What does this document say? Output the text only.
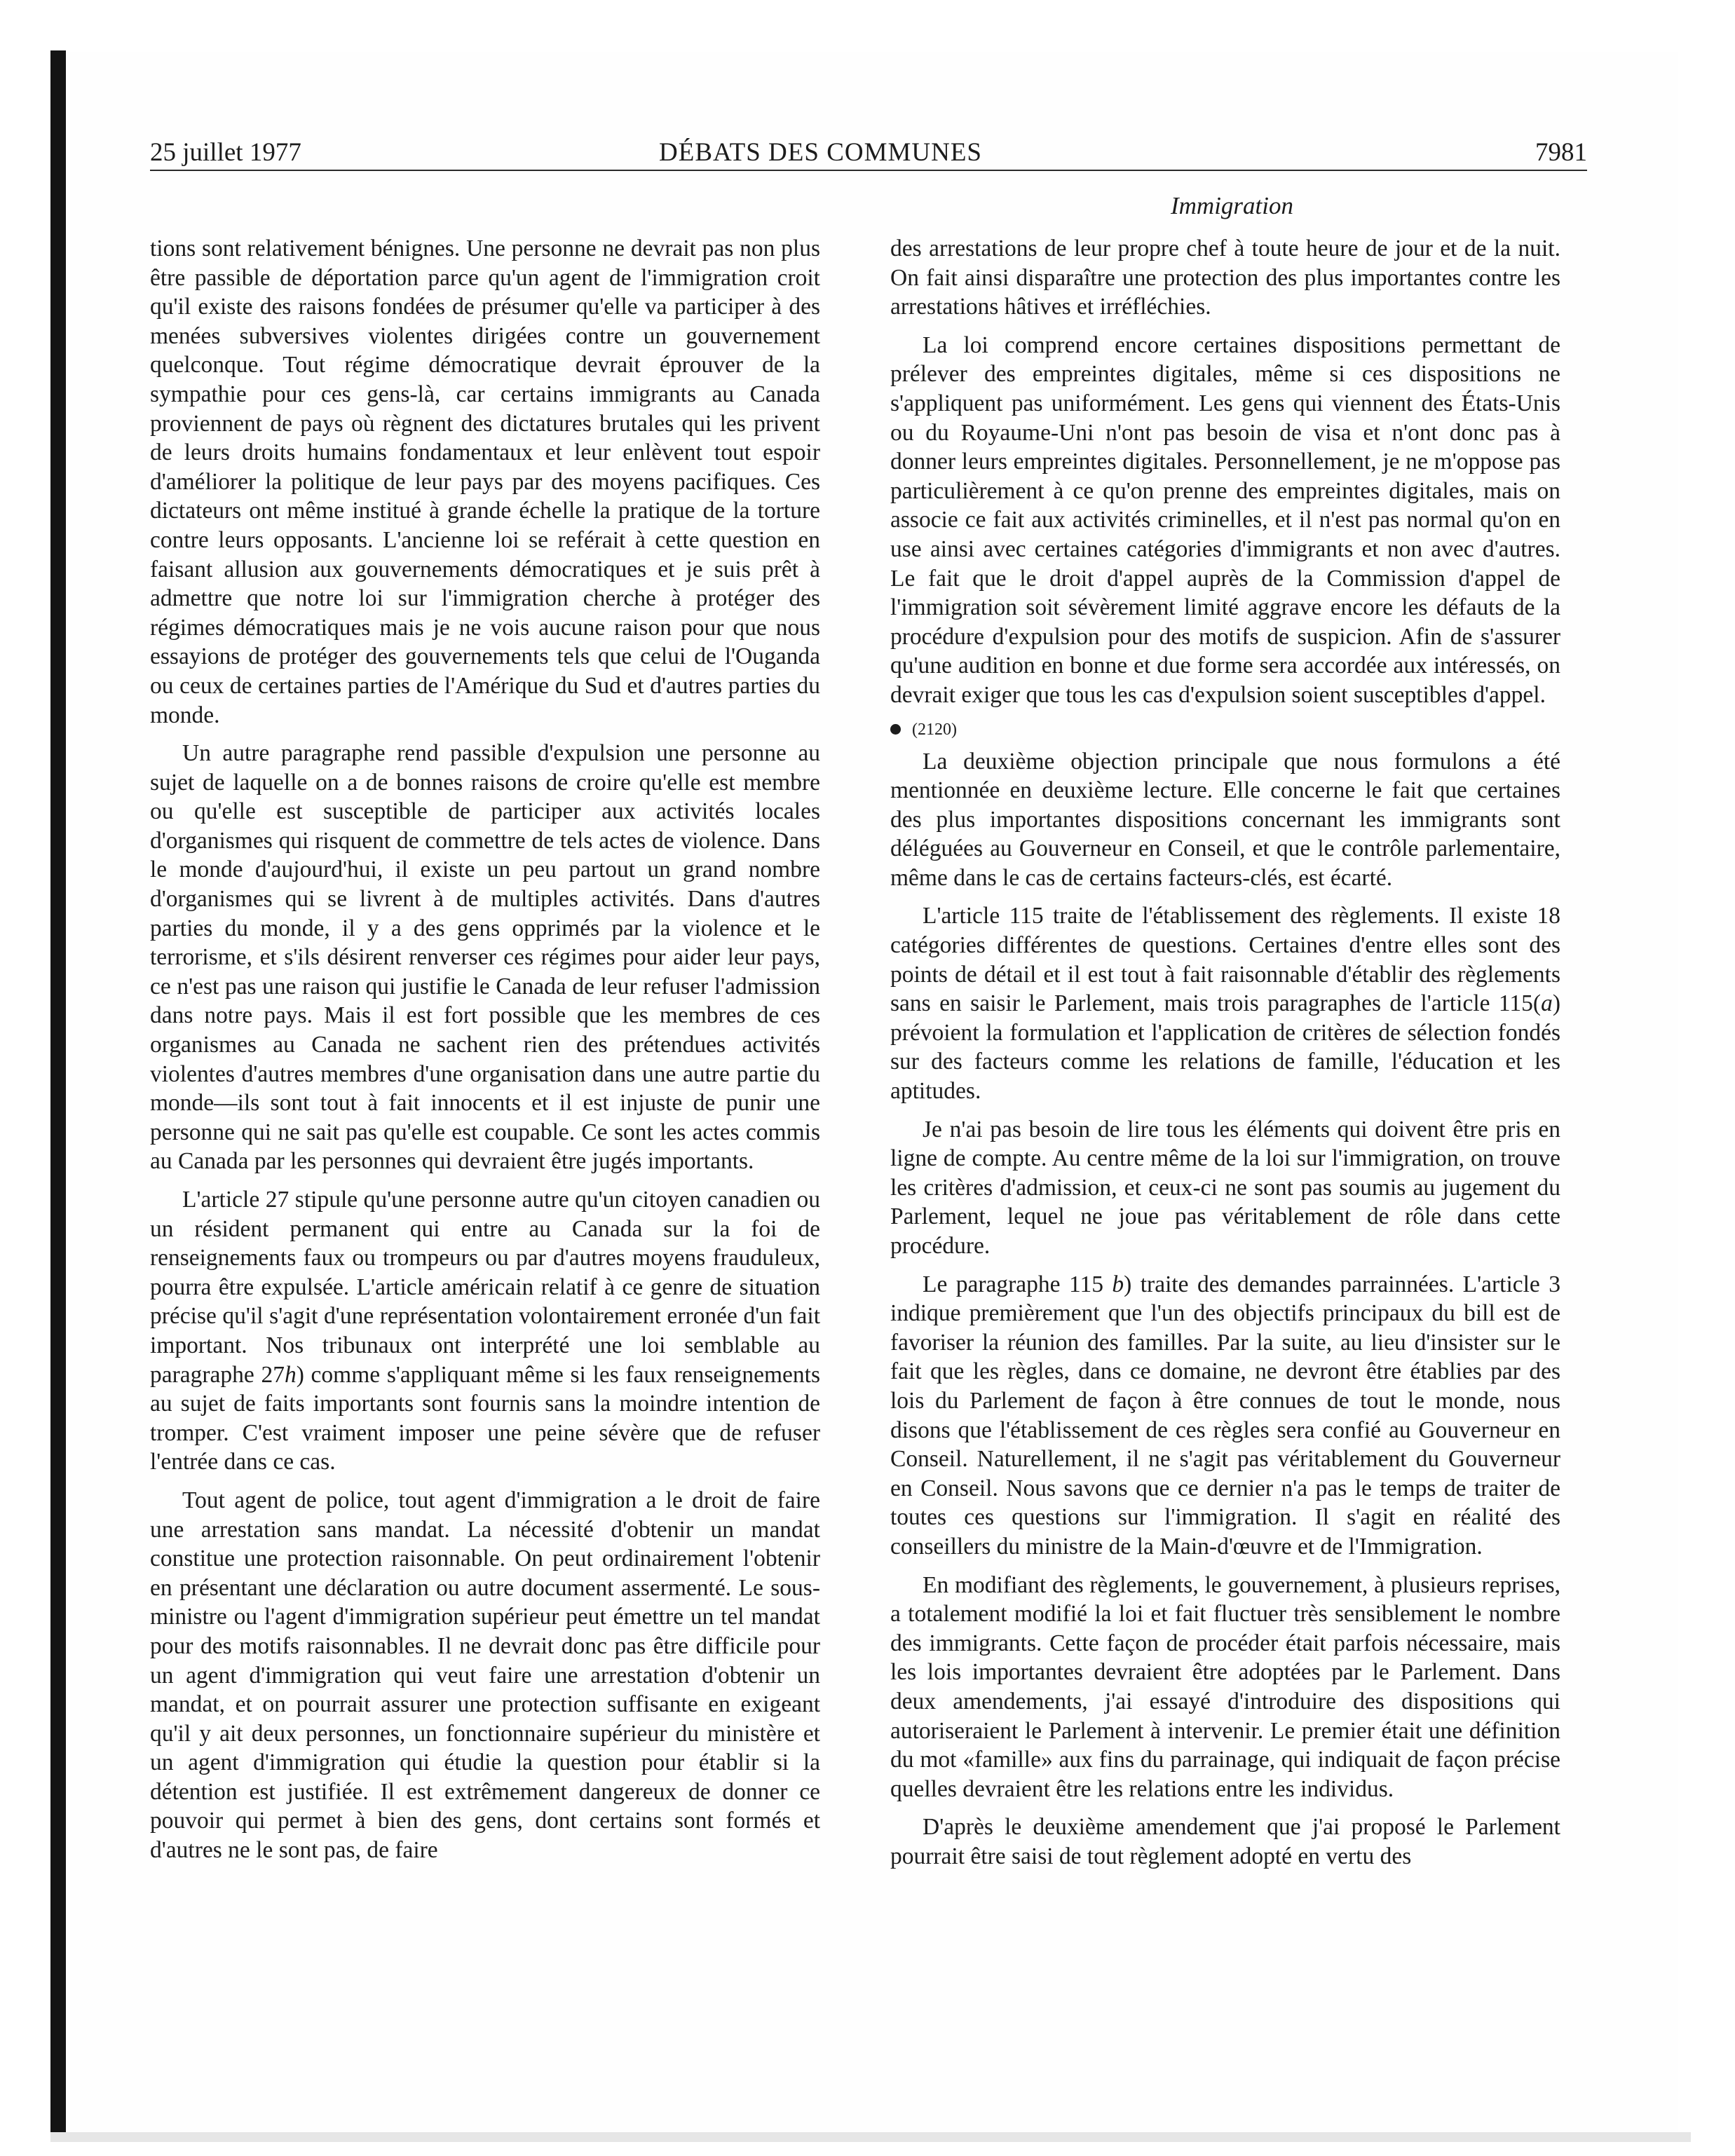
25 juillet 1977	DÉBATS DES COMMUNES	7981
Immigration

tions sont relativement bénignes. Une personne ne devrait pas non plus être passible de déportation parce qu'un agent de l'immigration croit qu'il existe des raisons fondées de présumer qu'elle va participer à des menées subversives violentes dirigées contre un gouvernement quelconque. Tout régime démocratique devrait éprouver de la sympathie pour ces gens-là, car certains immigrants au Canada proviennent de pays où règnent des dictatures brutales qui les privent de leurs droits humains fondamentaux et leur enlèvent tout espoir d'améliorer la politique de leur pays par des moyens pacifiques. Ces dictateurs ont même institué à grande échelle la pratique de la torture contre leurs opposants. L'ancienne loi se reférait à cette question en faisant allusion aux gouvernements démocratiques et je suis prêt à admettre que notre loi sur l'immigration cherche à protéger des régimes démocratiques mais je ne vois aucune raison pour que nous essayions de protéger des gouvernements tels que celui de l'Ouganda ou ceux de certaines parties de l'Amérique du Sud et d'autres parties du monde.

Un autre paragraphe rend passible d'expulsion une personne au sujet de laquelle on a de bonnes raisons de croire qu'elle est membre ou qu'elle est susceptible de participer aux activités locales d'organismes qui risquent de commettre de tels actes de violence. Dans le monde d'aujourd'hui, il existe un peu partout un grand nombre d'organismes qui se livrent à de multiples activités. Dans d'autres parties du monde, il y a des gens opprimés par la violence et le terrorisme, et s'ils désirent renverser ces régimes pour aider leur pays, ce n'est pas une raison qui justifie le Canada de leur refuser l'admission dans notre pays. Mais il est fort possible que les membres de ces organismes au Canada ne sachent rien des prétendues activités violentes d'autres membres d'une organisation dans une autre partie du monde—ils sont tout à fait innocents et il est injuste de punir une personne qui ne sait pas qu'elle est coupable. Ce sont les actes commis au Canada par les personnes qui devraient être jugés importants.

L'article 27 stipule qu'une personne autre qu'un citoyen canadien ou un résident permanent qui entre au Canada sur la foi de renseignements faux ou trompeurs ou par d'autres moyens frauduleux, pourra être expulsée. L'article américain relatif à ce genre de situation précise qu'il s'agit d'une représentation volontairement erronée d'un fait important. Nos tribunaux ont interprété une loi semblable au paragraphe 27h) comme s'appliquant même si les faux renseignements au sujet de faits importants sont fournis sans la moindre intention de tromper. C'est vraiment imposer une peine sévère que de refuser l'entrée dans ce cas.

Tout agent de police, tout agent d'immigration a le droit de faire une arrestation sans mandat. La nécessité d'obtenir un mandat constitue une protection raisonnable. On peut ordinairement l'obtenir en présentant une déclaration ou autre document assermenté. Le sous-ministre ou l'agent d'immigration supérieur peut émettre un tel mandat pour des motifs raisonnables. Il ne devrait donc pas être difficile pour un agent d'immigration qui veut faire une arrestation d'obtenir un mandat, et on pourrait assurer une protection suffisante en exigeant qu'il y ait deux personnes, un fonctionnaire supérieur du ministère et un agent d'immigration qui étudie la question pour établir si la détention est justifiée. Il est extrêmement dangereux de donner ce pouvoir qui permet à bien des gens, dont certains sont formés et d'autres ne le sont pas, de faire

des arrestations de leur propre chef à toute heure de jour et de la nuit. On fait ainsi disparaître une protection des plus importantes contre les arrestations hâtives et irréfléchies.

La loi comprend encore certaines dispositions permettant de prélever des empreintes digitales, même si ces dispositions ne s'appliquent pas uniformément. Les gens qui viennent des États-Unis ou du Royaume-Uni n'ont pas besoin de visa et n'ont donc pas à donner leurs empreintes digitales. Personnellement, je ne m'oppose pas particulièrement à ce qu'on prenne des empreintes digitales, mais on associe ce fait aux activités criminelles, et il n'est pas normal qu'on en use ainsi avec certaines catégories d'immigrants et non avec d'autres. Le fait que le droit d'appel auprès de la Commission d'appel de l'immigration soit sévèrement limité aggrave encore les défauts de la procédure d'expulsion pour des motifs de suspicion. Afin de s'assurer qu'une audition en bonne et due forme sera accordée aux intéressés, on devrait exiger que tous les cas d'expulsion soient susceptibles d'appel.

(2120)

La deuxième objection principale que nous formulons a été mentionnée en deuxième lecture. Elle concerne le fait que certaines des plus importantes dispositions concernant les immigrants sont déléguées au Gouverneur en Conseil, et que le contrôle parlementaire, même dans le cas de certains facteurs-clés, est écarté.

L'article 115 traite de l'établissement des règlements. Il existe 18 catégories différentes de questions. Certaines d'entre elles sont des points de détail et il est tout à fait raisonnable d'établir des règlements sans en saisir le Parlement, mais trois paragraphes de l'article 115(a) prévoient la formulation et l'application de critères de sélection fondés sur des facteurs comme les relations de famille, l'éducation et les aptitudes.

Je n'ai pas besoin de lire tous les éléments qui doivent être pris en ligne de compte. Au centre même de la loi sur l'immigration, on trouve les critères d'admission, et ceux-ci ne sont pas soumis au jugement du Parlement, lequel ne joue pas véritablement de rôle dans cette procédure.

Le paragraphe 115 b) traite des demandes parrainnées. L'article 3 indique premièrement que l'un des objectifs principaux du bill est de favoriser la réunion des familles. Par la suite, au lieu d'insister sur le fait que les règles, dans ce domaine, ne devront être établies par des lois du Parlement de façon à être connues de tout le monde, nous disons que l'établissement de ces règles sera confié au Gouverneur en Conseil. Naturellement, il ne s'agit pas véritablement du Gouverneur en Conseil. Nous savons que ce dernier n'a pas le temps de traiter de toutes ces questions sur l'immigration. Il s'agit en réalité des conseillers du ministre de la Main-d'œuvre et de l'Immigration.

En modifiant des règlements, le gouvernement, à plusieurs reprises, a totalement modifié la loi et fait fluctuer très sensiblement le nombre des immigrants. Cette façon de procéder était parfois nécessaire, mais les lois importantes devraient être adoptées par le Parlement. Dans deux amendements, j'ai essayé d'introduire des dispositions qui autoriseraient le Parlement à intervenir. Le premier était une définition du mot «famille» aux fins du parrainage, qui indiquait de façon précise quelles devraient être les relations entre les individus.

D'après le deuxième amendement que j'ai proposé le Parlement pourrait être saisi de tout règlement adopté en vertu des
